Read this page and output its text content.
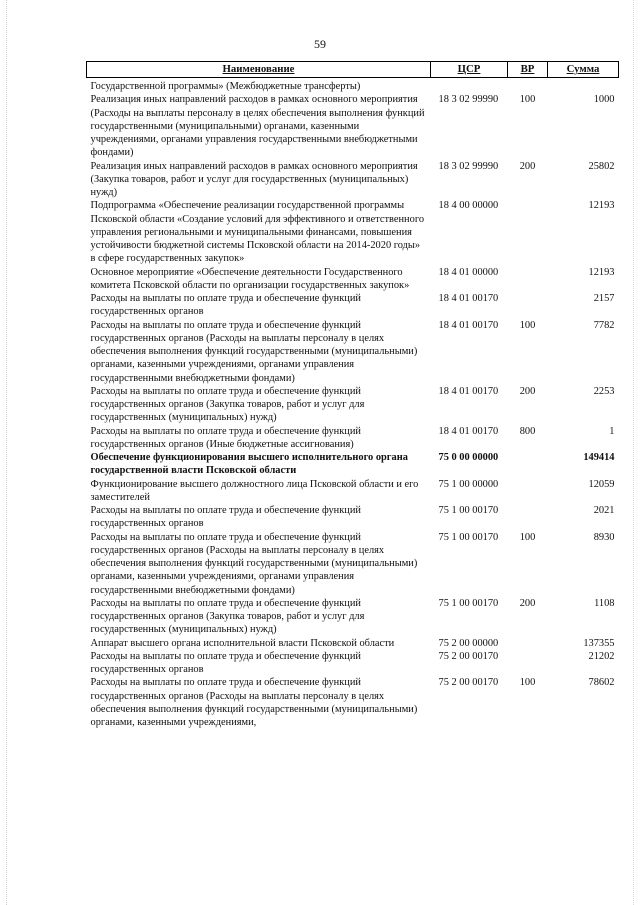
59
Наименование	ЦСР	ВР	Сумма
Государственной программы» (Межбюджетные трансферты)			
Реализация иных направлений расходов в рамках основного мероприятия (Расходы на выплаты персоналу в целях обеспечения выполнения функций государственными (муниципальными) органами, казенными учреждениями, органами управления государственными внебюджетными фондами)	18 3 02 99990	100	1000
Реализация иных направлений расходов в рамках основного мероприятия (Закупка товаров, работ и услуг для государственных (муниципальных) нужд)	18 3 02 99990	200	25802
Подпрограмма «Обеспечение реализации государственной программы Псковской области «Создание условий для эффективного и ответственного управления региональными и муниципальными финансами, повышения устойчивости бюджетной системы Псковской области на 2014-2020 годы» в сфере государственных закупок»	18 4 00 00000		12193
Основное мероприятие «Обеспечение деятельности Государственного комитета Псковской области по организации государственных закупок»	18 4 01 00000		12193
Расходы на выплаты по оплате труда и обеспечение функций государственных органов	18 4 01 00170		2157
Расходы на выплаты по оплате труда и обеспечение функций государственных органов (Расходы на выплаты персоналу в целях обеспечения выполнения функций государственными (муниципальными) органами, казенными учреждениями, органами управления государственными внебюджетными фондами)	18 4 01 00170	100	7782
Расходы на выплаты по оплате труда и обеспечение функций государственных органов (Закупка товаров, работ и услуг для государственных (муниципальных) нужд)	18 4 01 00170	200	2253
Расходы на выплаты по оплате труда и обеспечение функций государственных органов (Иные бюджетные ассигнования)	18 4 01 00170	800	1
Обеспечение функционирования высшего исполнительного органа государственной власти Псковской области	75 0 00 00000		149414
Функционирование высшего должностного лица Псковской области и его заместителей	75 1 00 00000		12059
Расходы на выплаты по оплате труда и обеспечение функций государственных органов	75 1 00 00170		2021
Расходы на выплаты по оплате труда и обеспечение функций государственных органов (Расходы на выплаты персоналу в целях обеспечения выполнения функций государственными (муниципальными) органами, казенными учреждениями, органами управления государственными внебюджетными фондами)	75 1 00 00170	100	8930
Расходы на выплаты по оплате труда и обеспечение функций государственных органов (Закупка товаров, работ и услуг для государственных (муниципальных) нужд)	75 1 00 00170	200	1108
Аппарат высшего органа исполнительной власти Псковской области	75 2 00 00000		137355
Расходы на выплаты по оплате труда и обеспечение функций государственных органов	75 2 00 00170		21202
Расходы на выплаты по оплате труда и обеспечение функций государственных органов (Расходы на выплаты персоналу в целях обеспечения выполнения функций государственными (муниципальными) органами, казенными учреждениями,	75 2 00 00170	100	78602
